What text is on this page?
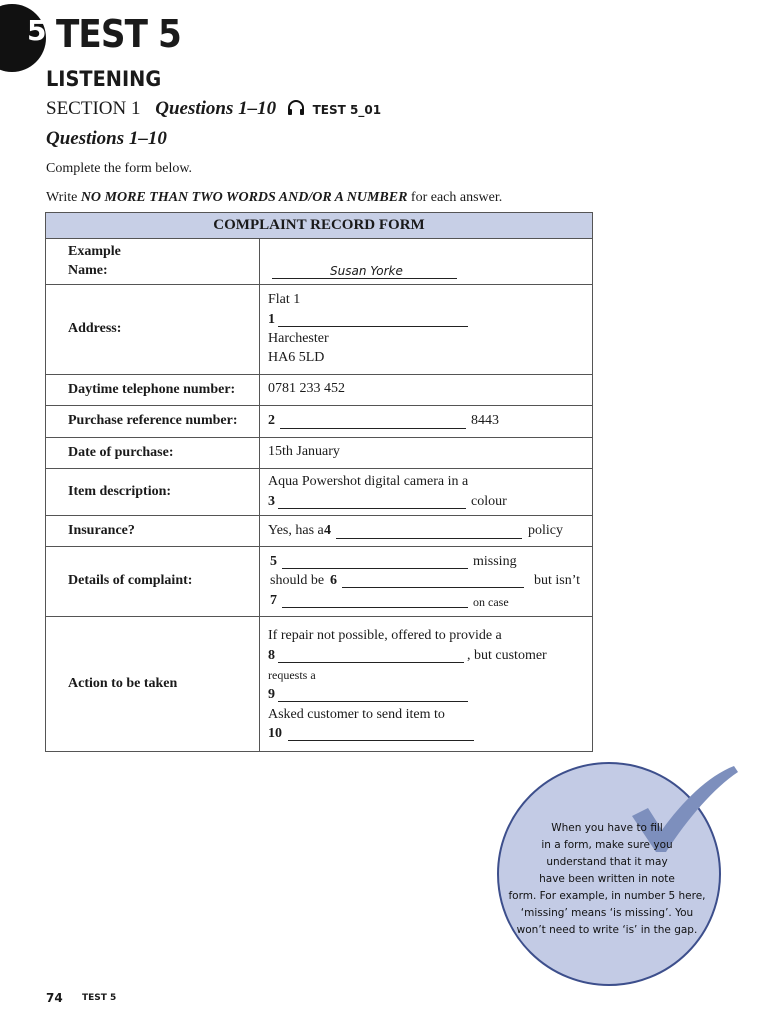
5 TEST 5
LISTENING
SECTION 1 Questions 1–10	TEST 5_01
Questions 1–10
Complete the form below.
Write NO MORE THAN TWO WORDS AND/OR A NUMBER for each answer.
COMPLAINT RECORD FORM
Example
Name:	Susan Yorke
Address:
Flat 1
1
Harchester
HA6 5LD
Daytime telephone number:	0781 233 452
Purchase reference number:	2	8443
Date of purchase:	15th January
Item description:
Aqua Powershot digital camera in a
3	colour
Insurance?	Yes, has a 4	policy
Details of complaint:
5	missing
should be 6	but isn’t
7	on case
Action to be taken
If repair not possible, offered to provide a
8	, but customer
requests a
9
Asked customer to send item to
10
When you have to fill
in a form, make sure you
understand that it may
have been written in note
form. For example, in number 5 here,
‘missing’ means ‘is missing’. You
won’t need to write ‘is’ in the gap.
74 TEST 5
